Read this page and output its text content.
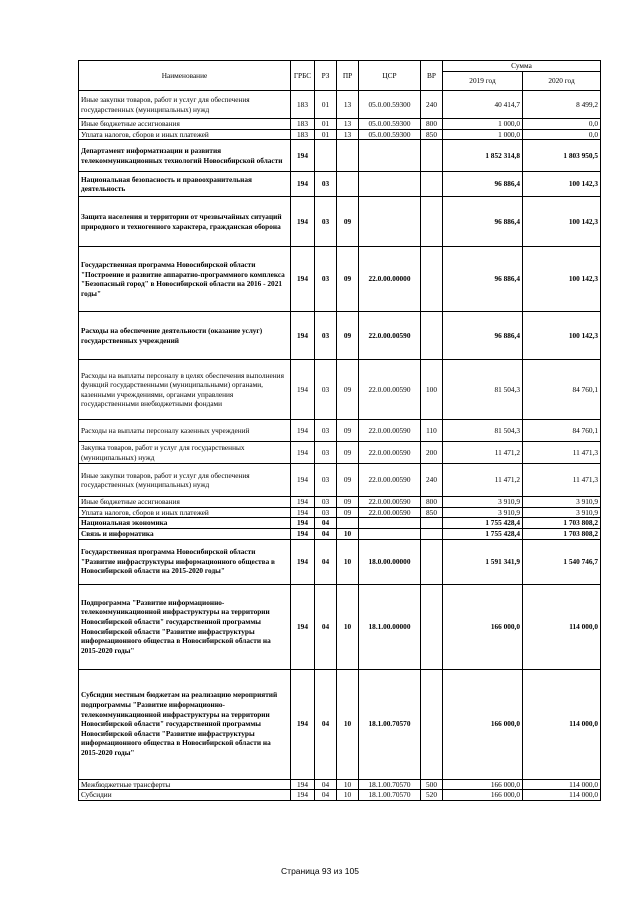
Наименование	ГРБС	РЗ	ПР	ЦСР	ВР	Сумма	
						2019 год	2020 год
Иные закупки товаров, работ и услуг для обеспечения государственных (муниципальных) нужд	183	01	13	05.0.00.59300	240	40 414,7	8 499,2
Иные бюджетные ассигнования	183	01	13	05.0.00.59300	800	1 000,0	0,0
Уплата налогов, сборов и иных платежей	183	01	13	05.0.00.59300	850	1 000,0	0,0
Департамент информатизации и развития телекоммуникационных технологий Новосибирской области	194					1 852 314,8	1 803 950,5
Национальная безопасность и правоохранительная деятельность	194	03				96 886,4	100 142,3
Защита населения и территории от чрезвычайных ситуаций природного и техногенного характера, гражданская оборона	194	03	09			96 886,4	100 142,3
Государственная программа Новосибирской области "Построение и развитие аппаратно-программного комплекса "Безопасный город" в Новосибирской области на 2016 - 2021 годы"	194	03	09	22.0.00.00000		96 886,4	100 142,3
Расходы на обеспечение деятельности (оказание услуг) государственных учреждений	194	03	09	22.0.00.00590		96 886,4	100 142,3
Расходы на выплаты персоналу в целях обеспечения выполнения функций государственными (муниципальными) органами, казенными учреждениями, органами управления государственными внебюджетными фондами	194	03	09	22.0.00.00590	100	81 504,3	84 760,1
Расходы на выплаты персоналу казенных учреждений	194	03	09	22.0.00.00590	110	81 504,3	84 760,1
Закупка товаров, работ и услуг для государственных (муниципальных) нужд	194	03	09	22.0.00.00590	200	11 471,2	11 471,3
Иные закупки товаров, работ и услуг для обеспечения государственных (муниципальных) нужд	194	03	09	22.0.00.00590	240	11 471,2	11 471,3
Иные бюджетные ассигнования	194	03	09	22.0.00.00590	800	3 910,9	3 910,9
Уплата налогов, сборов и иных платежей	194	03	09	22.0.00.00590	850	3 910,9	3 910,9
Национальная экономика	194	04				1 755 428,4	1 703 808,2
Связь и информатика	194	04	10			1 755 428,4	1 703 808,2
Государственная программа Новосибирской области "Развитие инфраструктуры информационного общества в Новосибирской области на 2015-2020 годы"	194	04	10	18.0.00.00000		1 591 341,9	1 540 746,7
Подпрограмма "Развитие информационно-телекоммуникационной инфраструктуры на территории Новосибирской области" государственной программы Новосибирской области "Развитие инфраструктуры информационного общества в Новосибирской области на 2015-2020 годы"	194	04	10	18.1.00.00000		166 000,0	114 000,0
Субсидии местным бюджетам на реализацию мероприятий подпрограммы "Развитие информационно-телекоммуникационной инфраструктуры на территории Новосибирской области" государственной программы Новосибирской области "Развитие инфраструктуры информационного общества в Новосибирской области на 2015-2020 годы"	194	04	10	18.1.00.70570		166 000,0	114 000,0
Межбюджетные трансферты	194	04	10	18.1.00.70570	500	166 000,0	114 000,0
Субсидии	194	04	10	18.1.00.70570	520	166 000,0	114 000,0
Страница 93 из 105
